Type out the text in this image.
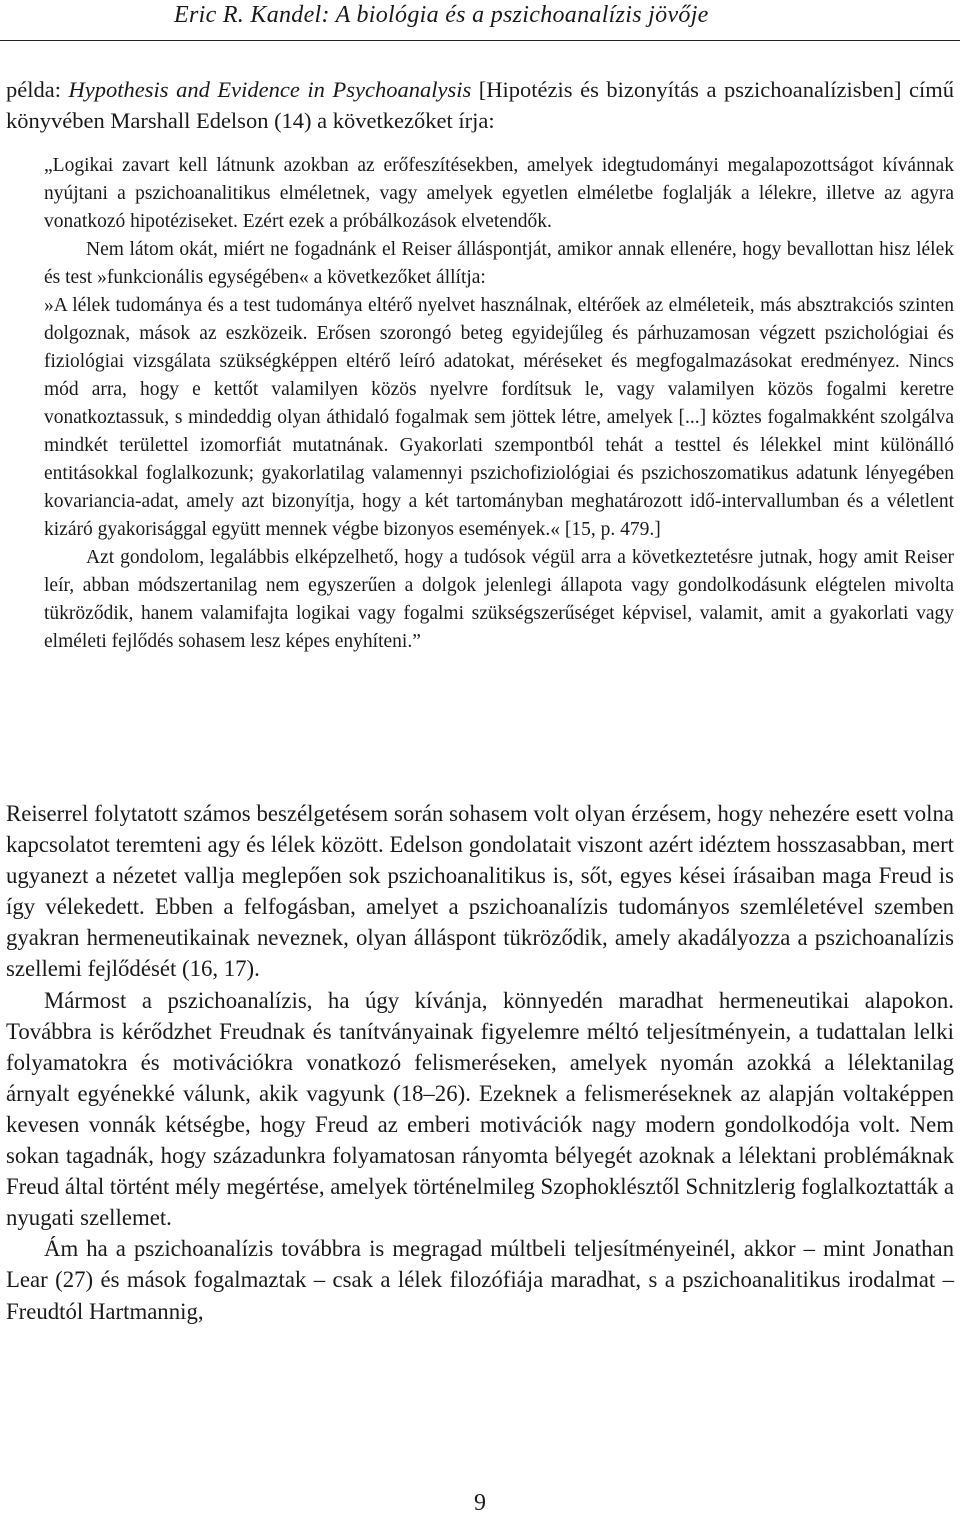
Eric R. Kandel: A biológia és a pszichoanalízis jövője
példa: Hypothesis and Evidence in Psychoanalysis [Hipotézis és bizonyítás a pszichoanalízisben] című könyvében Marshall Edelson (14) a következőket írja:

„Logikai zavart kell látnunk azokban az erőfeszítésekben, amelyek idegtudományi megalapozottságot kívánnak nyújtani a pszichoanalitikus elméletnek, vagy amelyek egyetlen elméletbe foglalják a lélekre, illetve az agyra vonatkozó hipotéziseket. Ezért ezek a próbálkozások elvetendők.

Nem látom okát, miért ne fogadnánk el Reiser álláspontját, amikor annak ellenére, hogy bevallottan hisz lélek és test »funkcionális egységében« a következőket állítja:

»A lélek tudománya és a test tudománya eltérő nyelvet használnak, eltérőek az elméleteik, más absztrakciós szinten dolgoznak, mások az eszközeik. Erősen szorongó beteg egyidejűleg és párhuzamosan végzett pszichológiai és fiziológiai vizsgálata szükségképpen eltérő leíró adatokat, méréseket és megfogalmazásokat eredményez. Nincs mód arra, hogy e kettőt valamilyen közös nyelvre fordítsuk le, vagy valamilyen közös fogalmi keretre vonatkoztassuk, s mindeddig olyan áthidaló fogalmak sem jöttek létre, amelyek [...] köztes fogalmakként szolgálva mindkét területtel izomorfiát mutatnának. Gyakorlati szempontból tehát a testtel és lélekkel mint különálló entitásokkal foglalkozunk; gyakorlatilag valamennyi pszichofiziológiai és pszichoszomatikus adatunk lényegében kovariancia-adat, amely azt bizonyítja, hogy a két tartományban meghatározott idő-intervallumban és a véletlent kizáró gyakorisággal együtt mennek végbe bizonyos események.« [15, p. 479.]

Azt gondolom, legalábbis elképzelhető, hogy a tudósok végül arra a következtetésre jutnak, hogy amit Reiser leír, abban módszertanilag nem egyszerűen a dolgok jelenlegi állapota vagy gondolkodásunk elégtelen mivolta tükröződik, hanem valamifajta logikai vagy fogalmi szükségszerűséget képvisel, valamit, amit a gyakorlati vagy elméleti fejlődés sohasem lesz képes enyhíteni.”

Reiserrel folytatott számos beszélgetésem során sohasem volt olyan érzésem, hogy nehezére esett volna kapcsolatot teremteni agy és lélek között. Edelson gondolatait viszont azért idéztem hosszasabban, mert ugyanezt a nézetet vallja meglepően sok pszichoanalitikus is, sőt, egyes kései írásaiban maga Freud is így vélekedett. Ebben a felfogásban, amelyet a pszichoanalízis tudományos szemléletével szemben gyakran hermeneutikainak neveznek, olyan álláspont tükröződik, amely akadályozza a pszichoanalízis szellemi fejlődését (16, 17).

Mármost a pszichoanalízis, ha úgy kívánja, könnyedén maradhat hermeneutikai alapokon. Továbbra is kérődzhet Freudnak és tanítványainak figyelemre méltó teljesítményein, a tudattalan lelki folyamatokra és motivációkra vonatkozó felismeréseken, amelyek nyomán azokká a lélektanilag árnyalt egyénekké válunk, akik vagyunk (18–26). Ezeknek a felismeréseknek az alapján voltaképpen kevesen vonnák kétségbe, hogy Freud az emberi motivációk nagy modern gondolkodója volt. Nem sokan tagadnák, hogy századunkra folyamatosan rányomta bélyegét azoknak a lélektani problémáknak Freud által történt mély megértése, amelyek történelmileg Szophoklésztől Schnitzlerig foglalkoztatták a nyugati szellemet.

Ám ha a pszichoanalízis továbbra is megragad múltbeli teljesítményeinél, akkor – mint Jonathan Lear (27) és mások fogalmaztak – csak a lélek filozófiája maradhat, s a pszichoanalitikus irodalmat – Freudtól Hartmannig,

9
